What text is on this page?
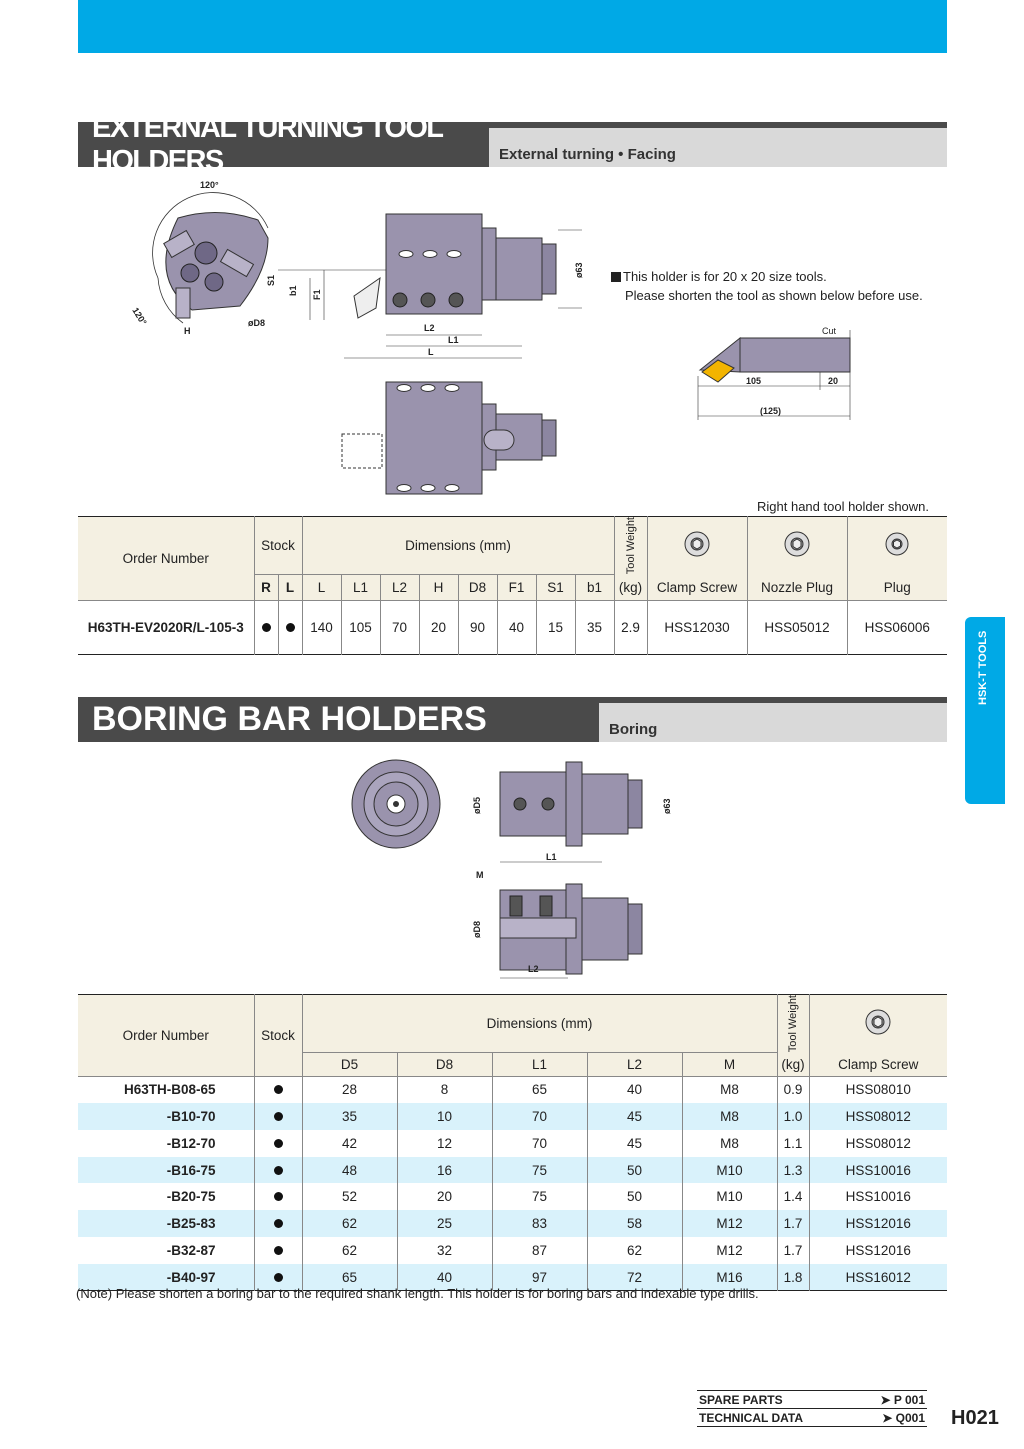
External turning • Facing
EXTERNAL TURNING TOOL HOLDERS
120°
120°
H
øD8
S1
b1 F1
L2
L1
L
ø63	This holder is for 20 x 20 size tools.
Please shorten the tool as shown below before use.
Cut
105	20
(125)
Right hand tool holder shown.
Order Number	Stock		Dimensions (mm)								Tool Weight

	R	L	L	L1	L2	H	D8	F1	S1	b1	(kg)	Clamp Screw	Nozzle Plug	Plug
H63TH-EV2020R/L-105-3			140	105	70	20	90	40	15	35	2.9	HSS12030	HSS05012	HSS06006
Boring
BORING BAR HOLDERS
øD5	ø63
L1
M
øD8
L2
Order Number	Stock	Dimensions (mm)					Tool Weight

		D5	D8	L1	L2	M	(kg)	Clamp Screw
H63TH-B08-65		28	8	65	40	M8	0.9	HSS08010
-B10-70		35	10	70	45	M8	1.0	HSS08012
-B12-70		42	12	70	45	M8	1.1	HSS08012
-B16-75		48	16	75	50	M10	1.3	HSS10016
-B20-75		52	20	75	50	M10	1.4	HSS10016
-B25-83		62	25	83	58	M12	1.7	HSS12016
-B32-87		62	32	87	62	M12	1.7	HSS12016
-B40-97		65	40	97	72	M16	1.8	HSS16012
(Note) Please shorten a boring bar to the required shank length. This holder is for boring bars and indexable type drills.
HSK-T TOOLS
SPARE PARTS	➤ P 001
TECHNICAL DATA	➤ Q001 H021
